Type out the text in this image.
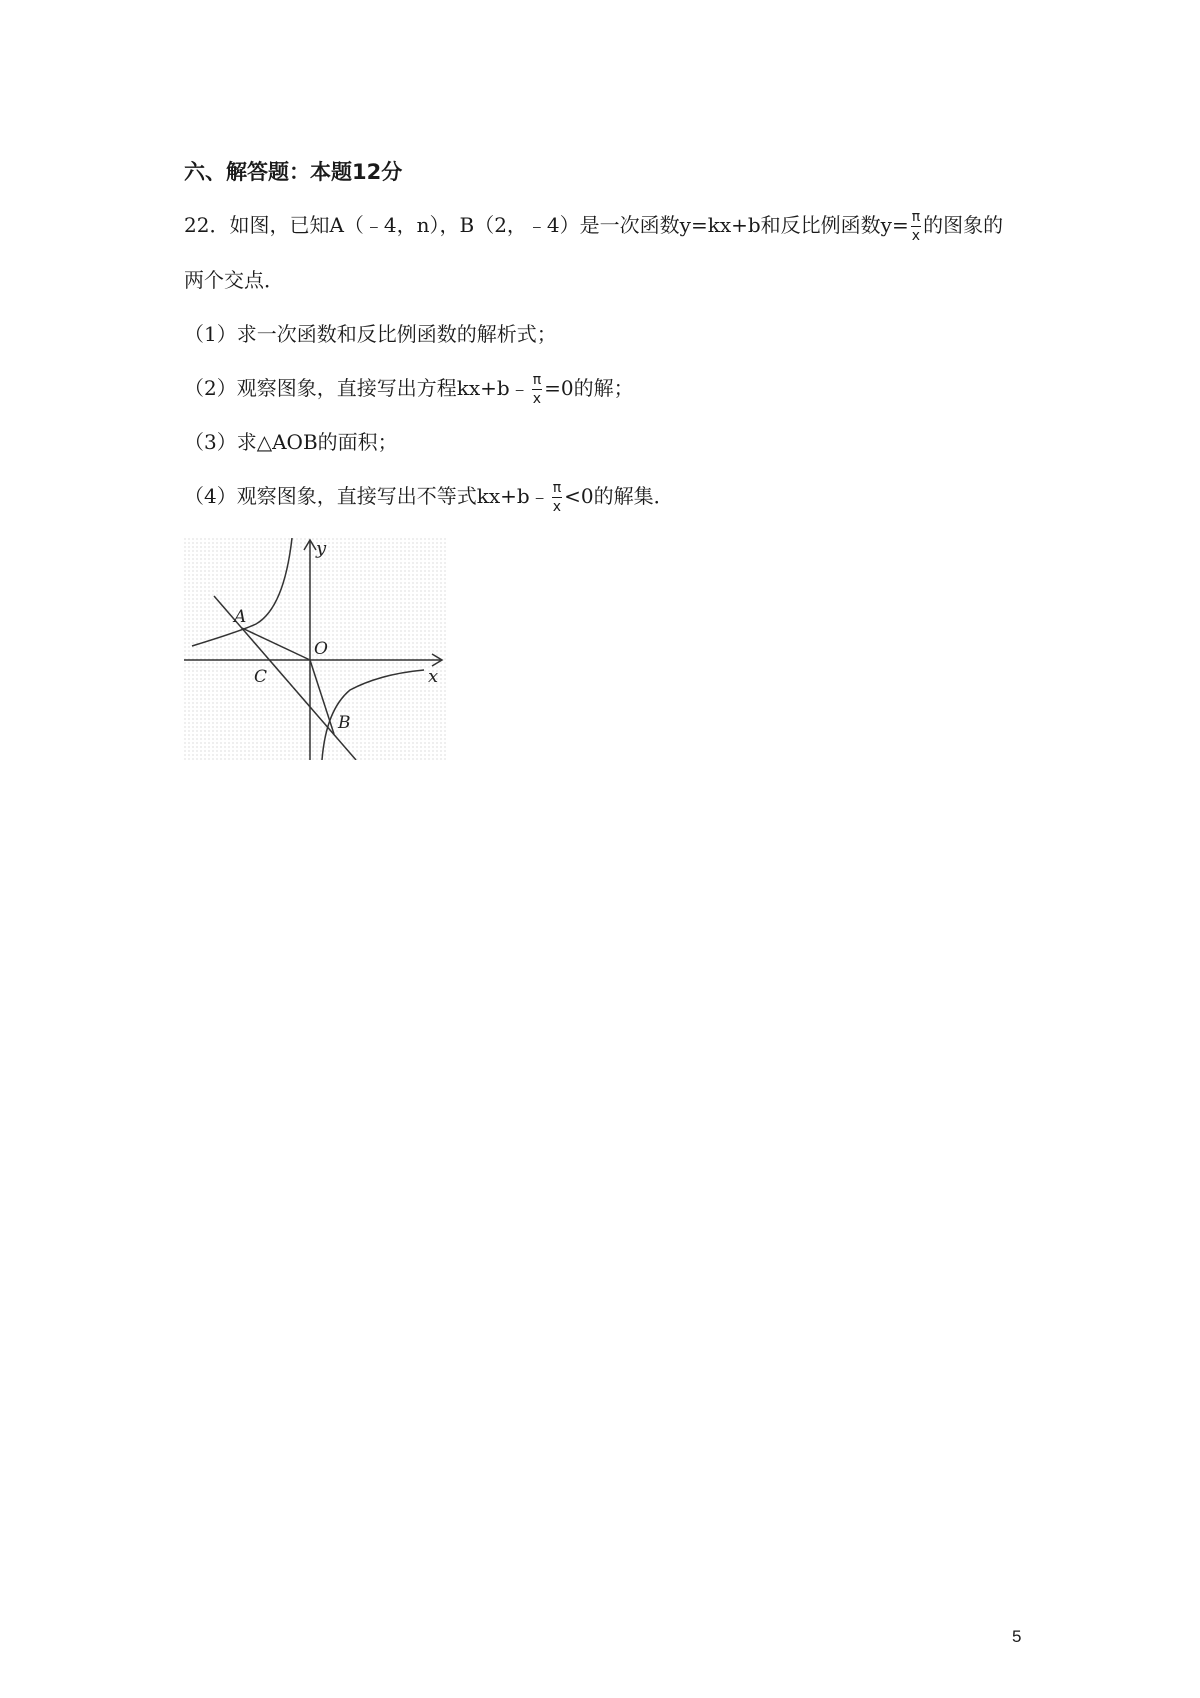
六、解答题：本题12分
22．如图，已知A（﹣4，n），B（2，﹣4）是一次函数y=kx+b和反比例函数$y= \frac{\pi}{x}$ 的图象的
两个交点．
（1）求一次函数和反比例函数的解析式；
（2）观察图象，直接写出方程kx+b﹣ $\frac{\pi}{x} =0$的解；
（3）求△AOB的面积；
（4）观察图象，直接写出不等式kx+b﹣ $\frac{\pi}{x} <0$的解集．
y
x
O
A
B
C
5
